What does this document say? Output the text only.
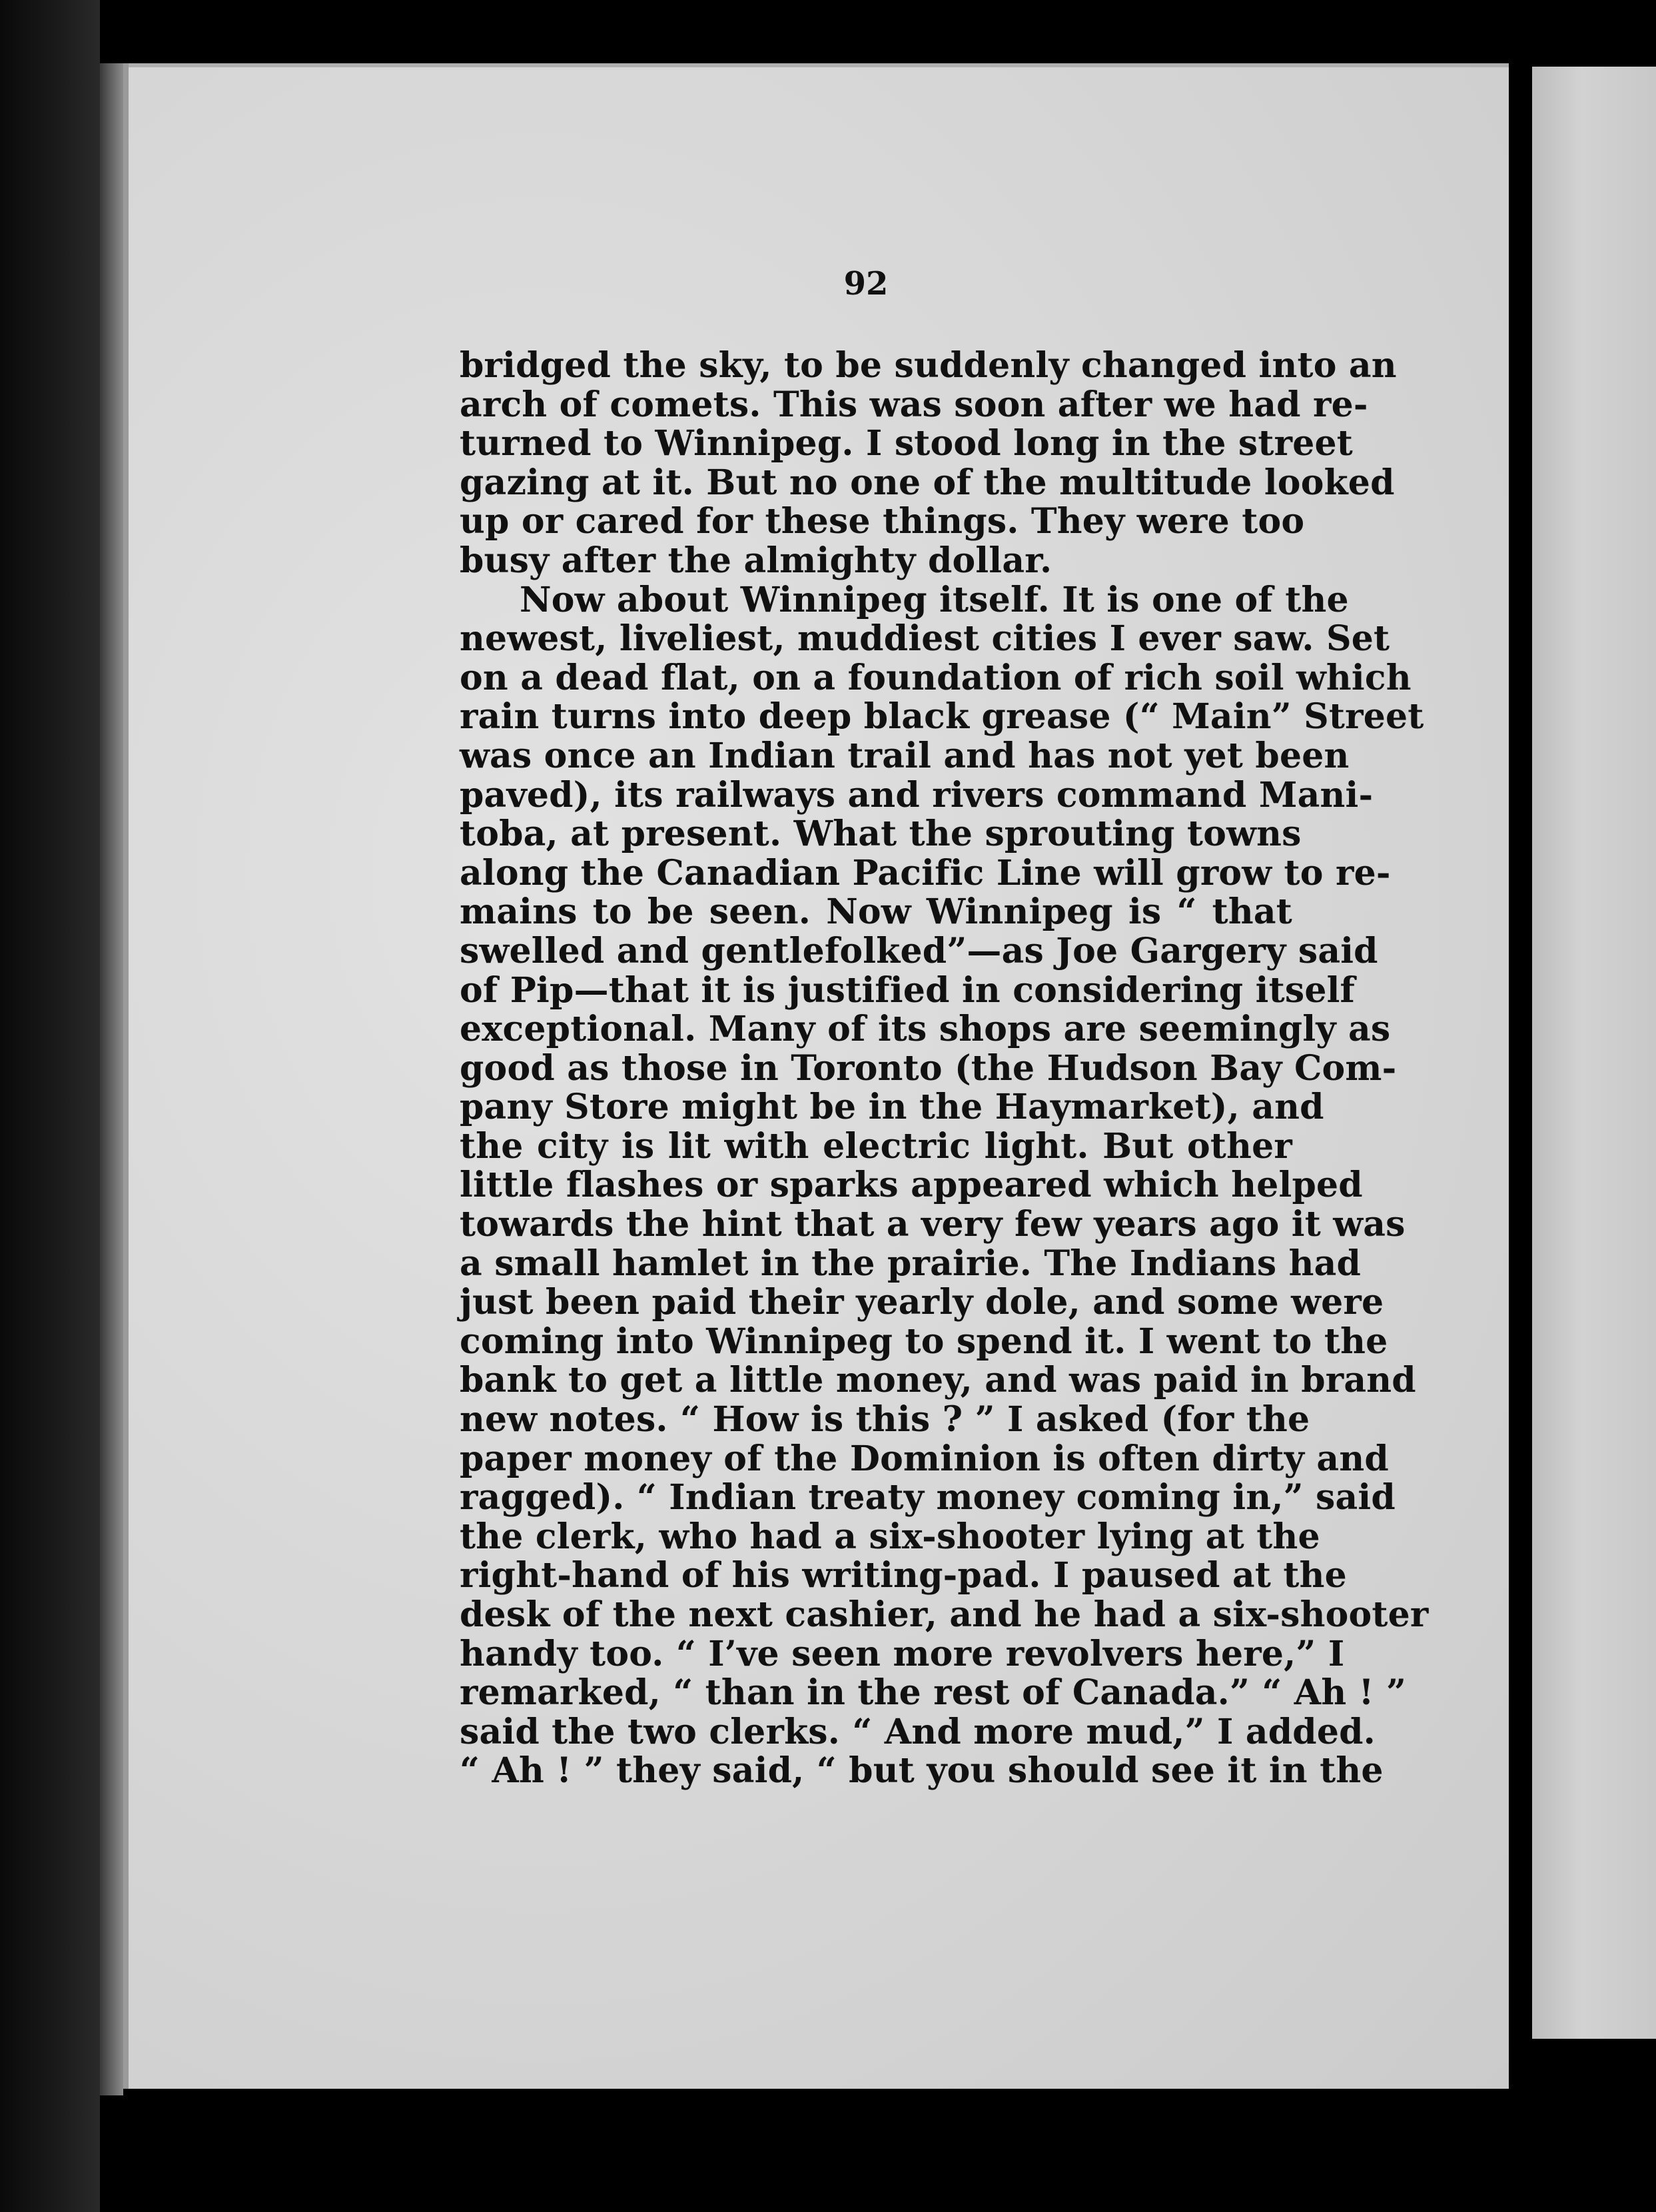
92
bridged the sky, to be suddenly changed into an
arch of comets. This was soon after we had re-
turned to Winnipeg. I stood long in the street
gazing at it. But no one of the multitude looked
up or cared for these things. They were too
busy after the almighty dollar.
Now about Winnipeg itself. It is one of the
newest, liveliest, muddiest cities I ever saw. Set
on a dead flat, on a foundation of rich soil which
rain turns into deep black grease (“ Main” Street
was once an Indian trail and has not yet been
paved), its railways and rivers command Mani-
toba, at present. What the sprouting towns
along the Canadian Pacific Line will grow to re-
mains to be seen. Now Winnipeg is “ that
swelled and gentlefolked”—as Joe Gargery said
of Pip—that it is justified in considering itself
exceptional. Many of its shops are seemingly as
good as those in Toronto (the Hudson Bay Com-
pany Store might be in the Haymarket), and
the city is lit with electric light. But other
little flashes or sparks appeared which helped
towards the hint that a very few years ago it was
a small hamlet in the prairie. The Indians had
just been paid their yearly dole, and some were
coming into Winnipeg to spend it. I went to the
bank to get a little money, and was paid in brand
new notes. “ How is this ? ” I asked (for the
paper money of the Dominion is often dirty and
ragged). “ Indian treaty money coming in,” said
the clerk, who had a six-shooter lying at the
right-hand of his writing-pad. I paused at the
desk of the next cashier, and he had a six-shooter
handy too. “ I’ve seen more revolvers here,” I
remarked, “ than in the rest of Canada.” “ Ah ! ”
said the two clerks. “ And more mud,” I added.
“ Ah ! ” they said, “ but you should see it in the
